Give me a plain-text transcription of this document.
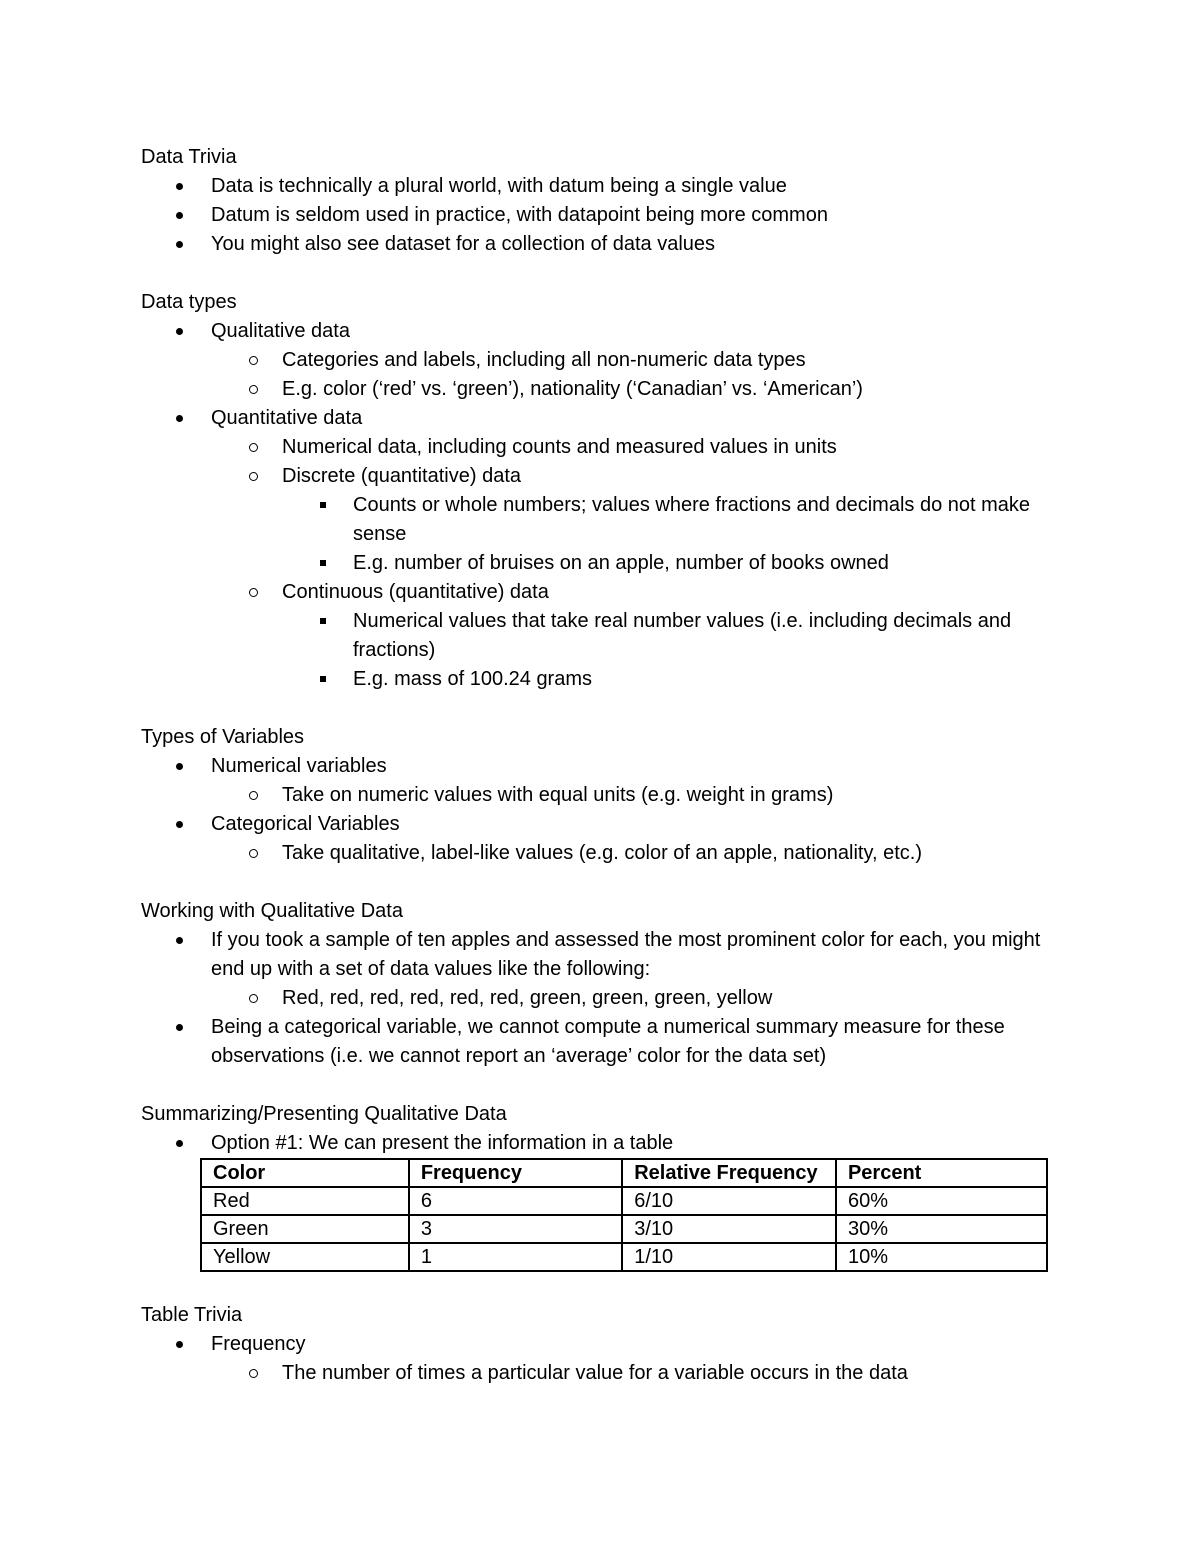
Data Trivia
Data is technically a plural world, with datum being a single value
Datum is seldom used in practice, with datapoint being more common
You might also see dataset for a collection of data values
Data types
Qualitative data
Categories and labels, including all non-numeric data types
E.g. color (‘red’ vs. ‘green’), nationality (‘Canadian’ vs. ‘American’)
Quantitative data
Numerical data, including counts and measured values in units
Discrete (quantitative) data
Counts or whole numbers; values where fractions and decimals do not make sense
E.g. number of bruises on an apple, number of books owned
Continuous (quantitative) data
Numerical values that take real number values (i.e. including decimals and fractions)
E.g. mass of 100.24 grams
Types of Variables
Numerical variables
Take on numeric values with equal units (e.g. weight in grams)
Categorical Variables
Take qualitative, label-like values (e.g. color of an apple, nationality, etc.)
Working with Qualitative Data
If you took a sample of ten apples and assessed the most prominent color for each, you might end up with a set of data values like the following:
Red, red, red, red, red, red, green, green, green, yellow
Being a categorical variable, we cannot compute a numerical summary measure for these observations (i.e. we cannot report an ‘average’ color for the data set)
Summarizing/Presenting Qualitative Data
Option #1: We can present the information in a table
Color	Frequency	Relative Frequency	Percent
Red	6	6/10	60%
Green	3	3/10	30%
Yellow	1	1/10	10%
Table Trivia
Frequency
The number of times a particular value for a variable occurs in the data
